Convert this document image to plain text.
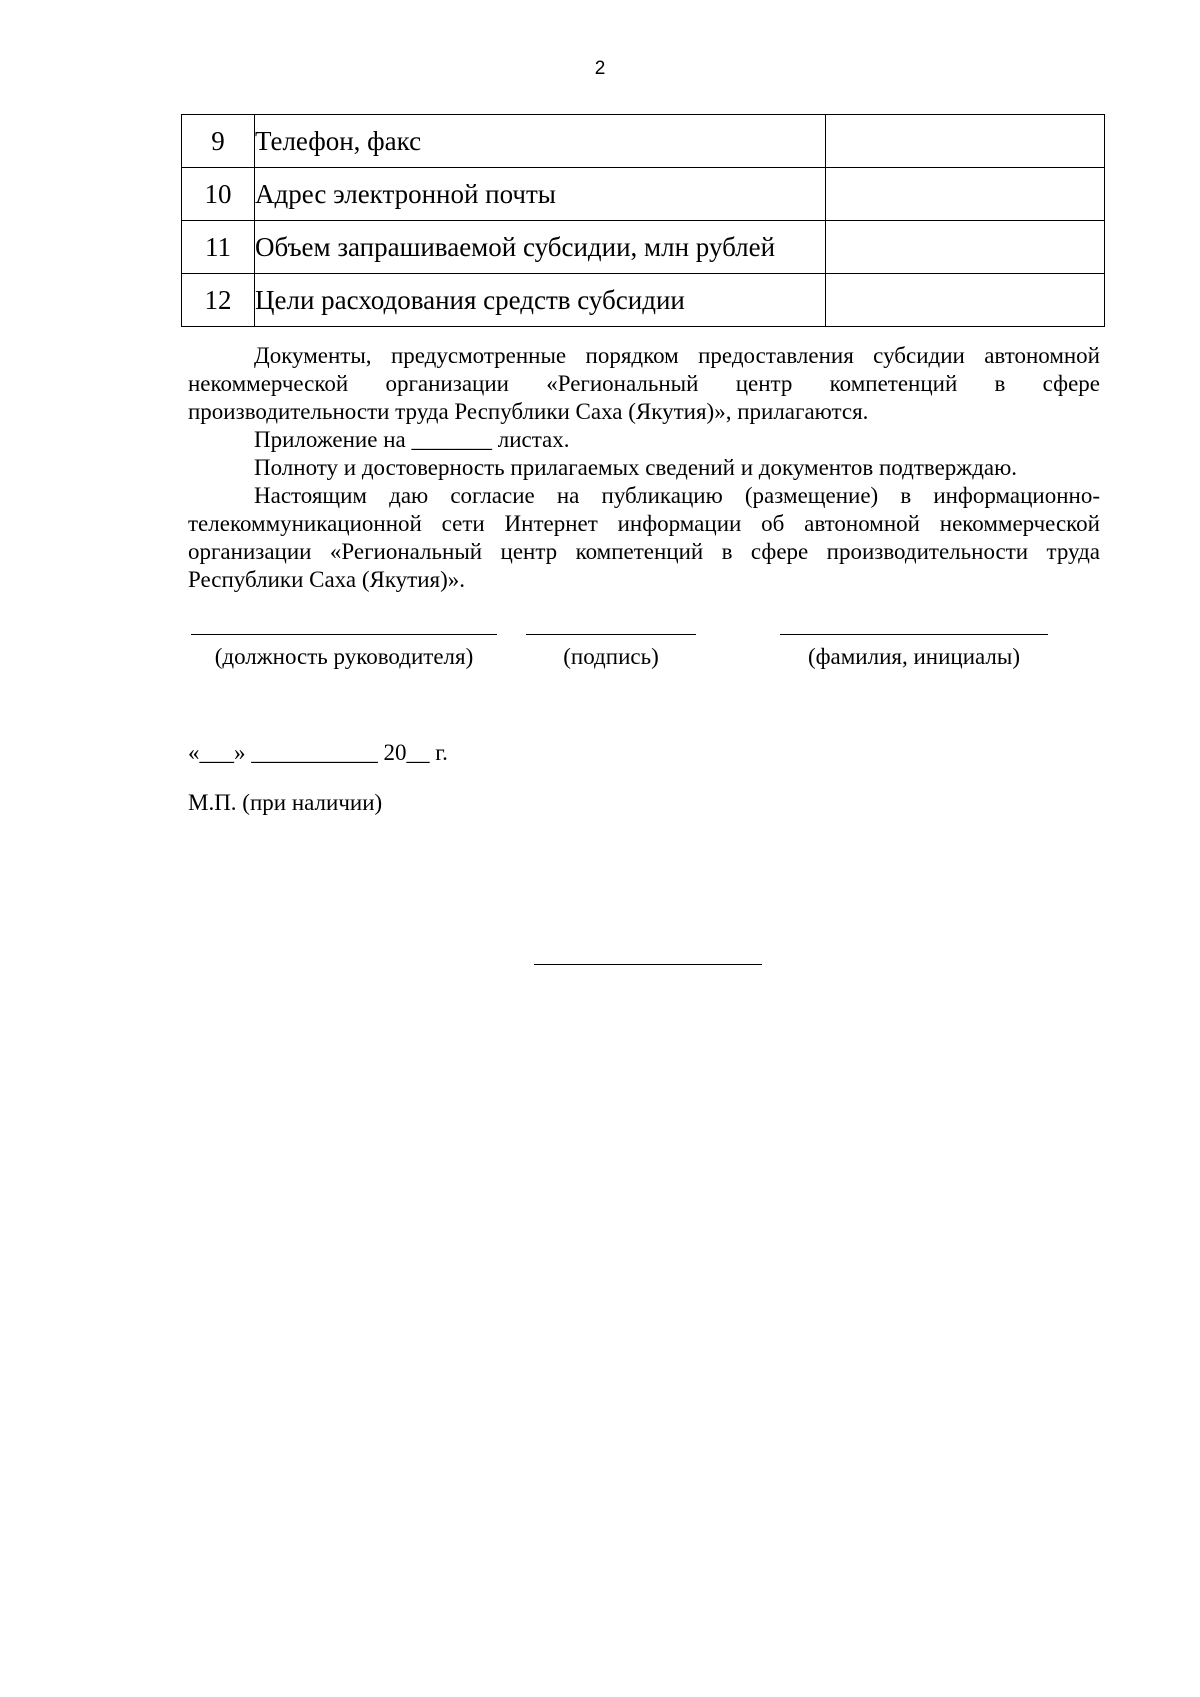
2
9	Телефон, факс	
10	Адрес электронной почты	
11	Объем запрашиваемой субсидии, млн рублей	
12	Цели расходования средств субсидии	

Документы, предусмотренные порядком предоставления субсидии автономной некоммерческой организации «Региональный центр компетенций в сфере производительности труда Республики Саха (Якутия)», прилагаются.

Приложение на _______ листах.

Полноту и достоверность прилагаемых сведений и документов подтверждаю.

Настоящим даю согласие на публикацию (размещение) в информационно-телекоммуникационной сети Интернет информации об автономной некоммерческой организации «Региональный центр компетенций в сфере производительности труда Республики Саха (Якутия)».

(должность руководителя)	(подпись)	(фамилия, инициалы)
«___» ___________ 20__ г.
М.П. (при наличии)
